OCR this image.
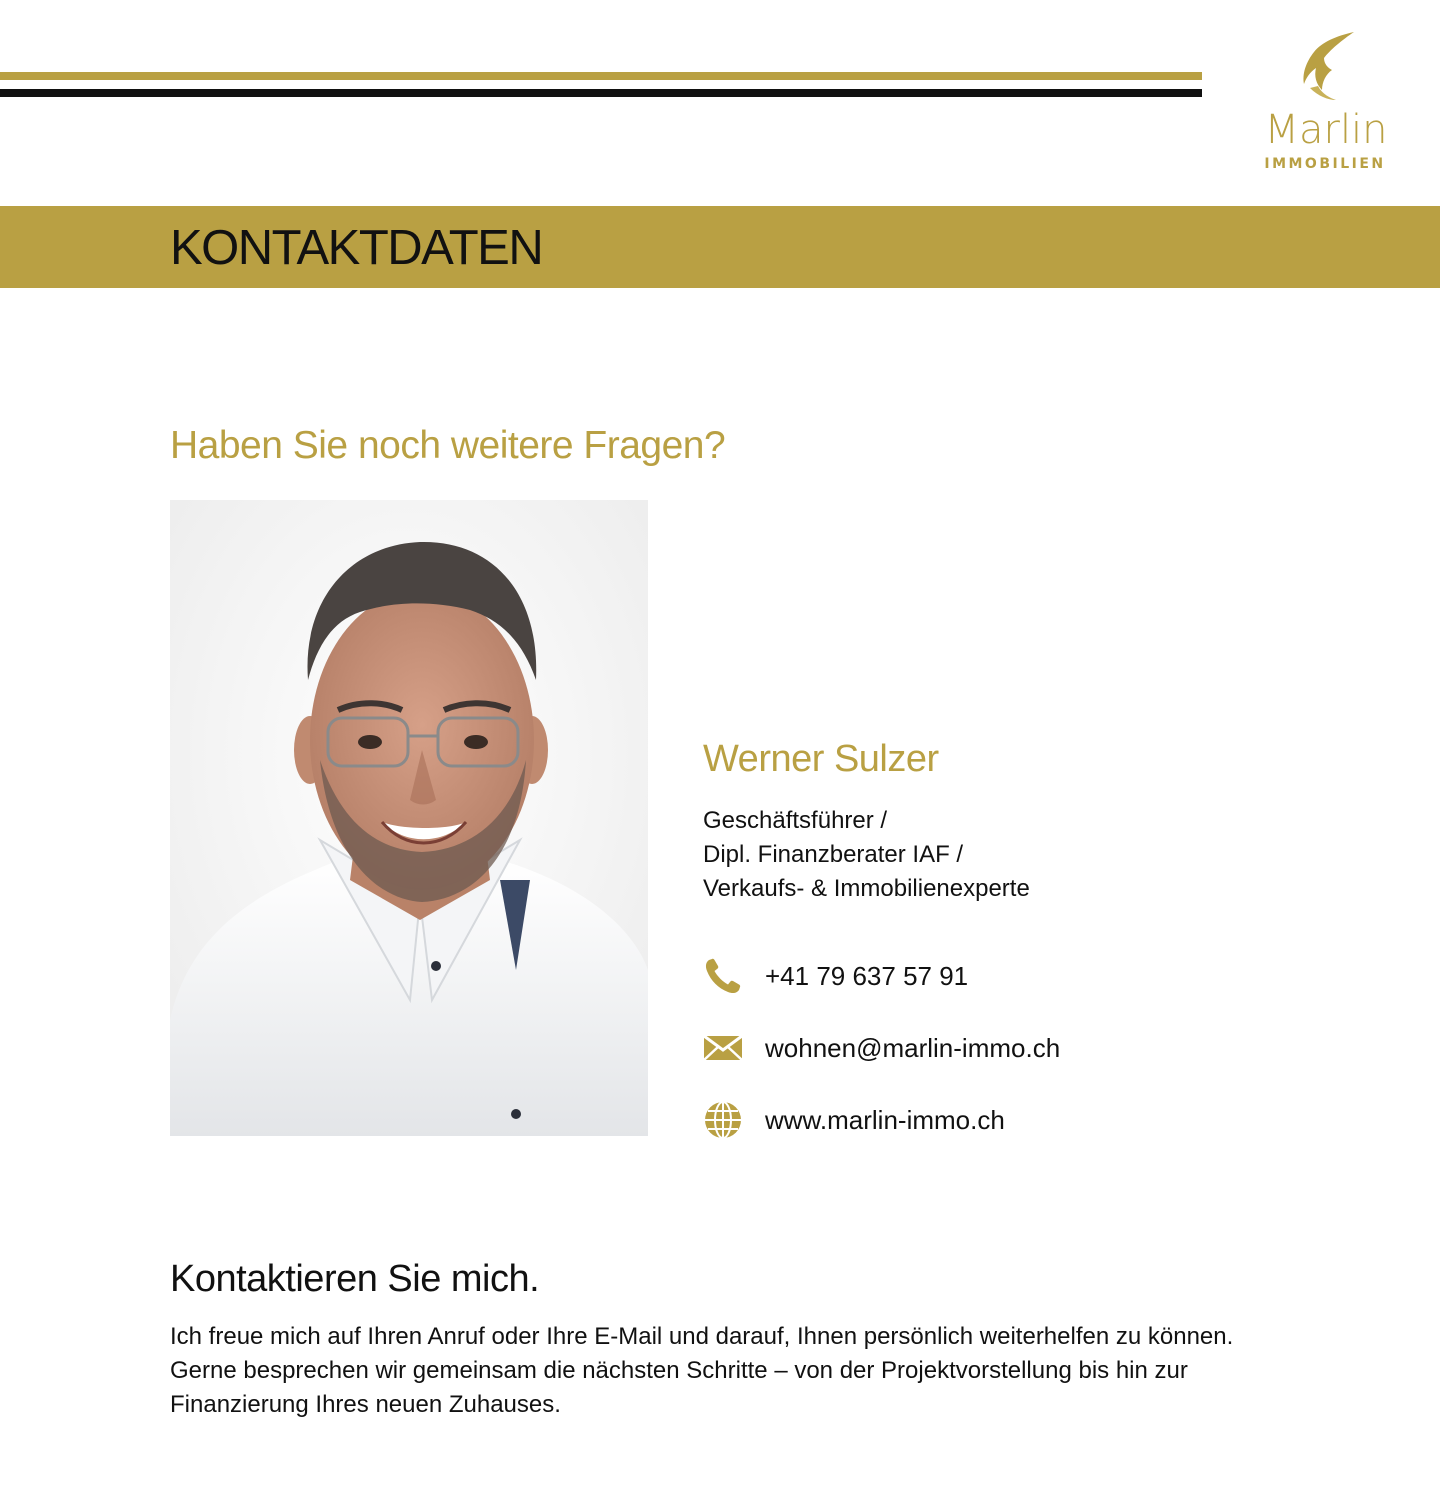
Marlin
IMMOBILIEN
KONTAKTDATEN
Haben Sie noch weitere Fragen?
Werner Sulzer
Geschäftsführer /
Dipl. Finanzberater IAF /
Verkaufs- & Immobilienexperte
+41 79 637 57 91
wohnen@marlin-immo.ch
www.marlin-immo.ch
Kontaktieren Sie mich.

Ich freue mich auf Ihren Anruf oder Ihre E-Mail und darauf, Ihnen persönlich weiterhelfen zu können.

Gerne besprechen wir gemeinsam die nächsten Schritte – von der Projektvorstellung bis hin zur Finanzierung Ihres neuen Zuhauses.
